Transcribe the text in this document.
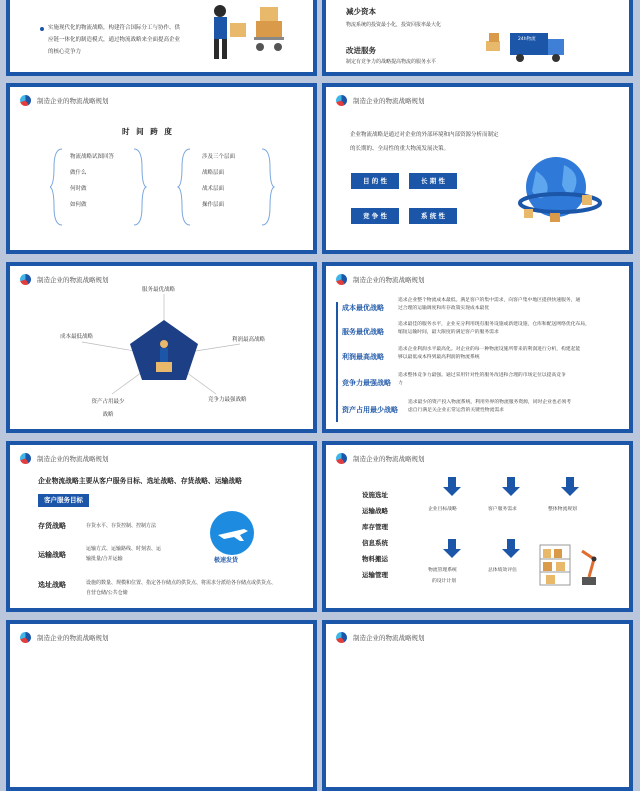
实施现代化的物流战略，构建符合国际分工与协作、供
应链一体化的制造模式，通过物流战略来全面提高企业
的核心竞争力
减少资本
物流系统的投资最小化，投资回报率最大化
改进服务
制定有竞争力的战略提高物流的服务水平
24h物流
制造企业的物流战略规划
时 间 跨 度
物流战略试图回答
做什么
何时做
如何做
涉及三个层面
战略层面
战术层面
操作层面
制造企业的物流战略规划
企业物流战略是通过对企业的外部环境和内部资源分析而制定
的长期的、全局性的重大物流发展决策。
目 的 性	长 期 性
竞 争 性	系 统 性
制造企业的物流战略规划
服务最优战略
利润最高战略
竞争力最强战略
资产占用最少战略
成本最低战略
制造企业的物流战略规划
成本最优战略
追求企业整个物流成本最低。满足客户的集中需求，向客户集中地区提供快速服务，通
过合理的运输调度和库存政策实现成本最优
服务最优战略
追求最佳的服务水平，企业充分利用现有服务设施或新建设施，仓库和配送网络优化布局，
缩短运输时间，最大限度的满足客户的服务需求
利润最高战略
追求企业利润水平最高化。对企业的每一种物流设施所带来的利润进行分析，构建起能
够以最低成本得到最高利润的物流系统
竞争力最强战略
追求整体竞争力最强。通过采用针对性的服务改进和合理的市场定位以提高竞争
力
资产占用最少战略
追求最少的资产投入物流系统，利用外界的物流服务资源，同时企业也必须考
虑自行满足关企业正常运营的关键性物流需求
制造企业的物流战略规划
企业物流战略主要从客户服务目标、选址战略、存货战略、运输战略
客户服务目标
存货战略	存货水平、存货控制、控制方法
运输战略
运输方式、运输路线、时刻表、运
输批量/合并运输
选址战略	设施的数量、规模和位置、指定各存储点的供货点、将需求分派给各存储点或供货点、
自营仓储/公共仓储
极速发货
制造企业的物流战略规划
设施选址
运输战略
库存管理
信息系统
物料搬运
运输管理
企业目标战略	客户服务需求	整体物流规划
物流管理系统
的设计计划
总体绩效评估
制造企业的物流战略规划	制造企业的物流战略规划
